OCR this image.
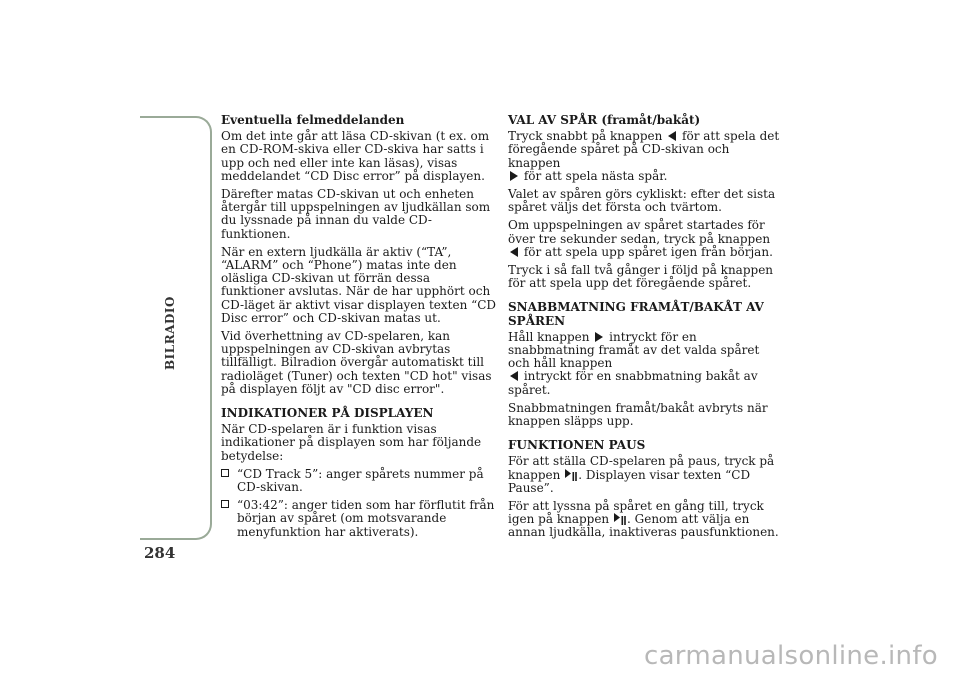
BILRADIO
284
Eventuella felmeddelanden

Om det inte går att läsa CD-skivan (t ex. om en CD-ROM-skiva eller CD-skiva har satts i upp och ned eller inte kan läsas), visas meddelandet “CD Disc error” på displayen.

Därefter matas CD-skivan ut och enheten återgår till uppspelningen av ljudkällan som du lyssnade på innan du valde CD-funktionen.

När en extern ljudkälla är aktiv (“TA”, “ALARM” och “Phone”) matas inte den oläsliga CD-skivan ut förrän dessa funktioner avslutas. När de har upphört och CD-läget är aktivt visar displayen texten “CD Disc error” och CD-skivan matas ut.

Vid överhettning av CD-spelaren, kan uppspelningen av CD-skivan avbrytas tillfälligt. Bilradion övergår automatiskt till radioläget (Tuner) och texten "CD hot" visas på displayen följt av "CD disc error".

INDIKATIONER PÅ DISPLAYEN

När CD-spelaren är i funktion visas indikationer på displayen som har följande betydelse:

“CD Track 5”: anger spårets nummer på CD-skivan.
“03:42”: anger tiden som har förflutit från början av spåret (om motsvarande menyfunktion har aktiverats).
VAL AV SPÅR (framåt/bakåt)

Tryck snabbt på knappen för att spela det föregående spåret på CD-skivan och knappen
för att spela nästa spår.

Valet av spåren görs cykliskt: efter det sista spåret väljs det första och tvärtom.

Om uppspelningen av spåret startades för över tre sekunder sedan, tryck på knappen  för att spela upp spåret igen från början.

Tryck i så fall två gånger i följd på knappen för att spela upp det föregående spåret.

SNABBMATNING FRAMÅT/BAKÅT AV SPÅREN

Håll knappen intryckt för en snabbmatning framåt av det valda spåret och håll knappen
intryckt för en snabbmatning bakåt av spåret.

Snabbmatningen framåt/bakåt avbryts när knappen släpps upp.

FUNKTIONEN PAUS

För att ställa CD-spelaren på paus, tryck på knappen . Displayen visar texten “CD Pause”.

För att lyssna på spåret en gång till, tryck igen på knappen . Genom att välja en annan ljudkälla, inaktiveras pausfunktionen.

carmanualsonline.info
